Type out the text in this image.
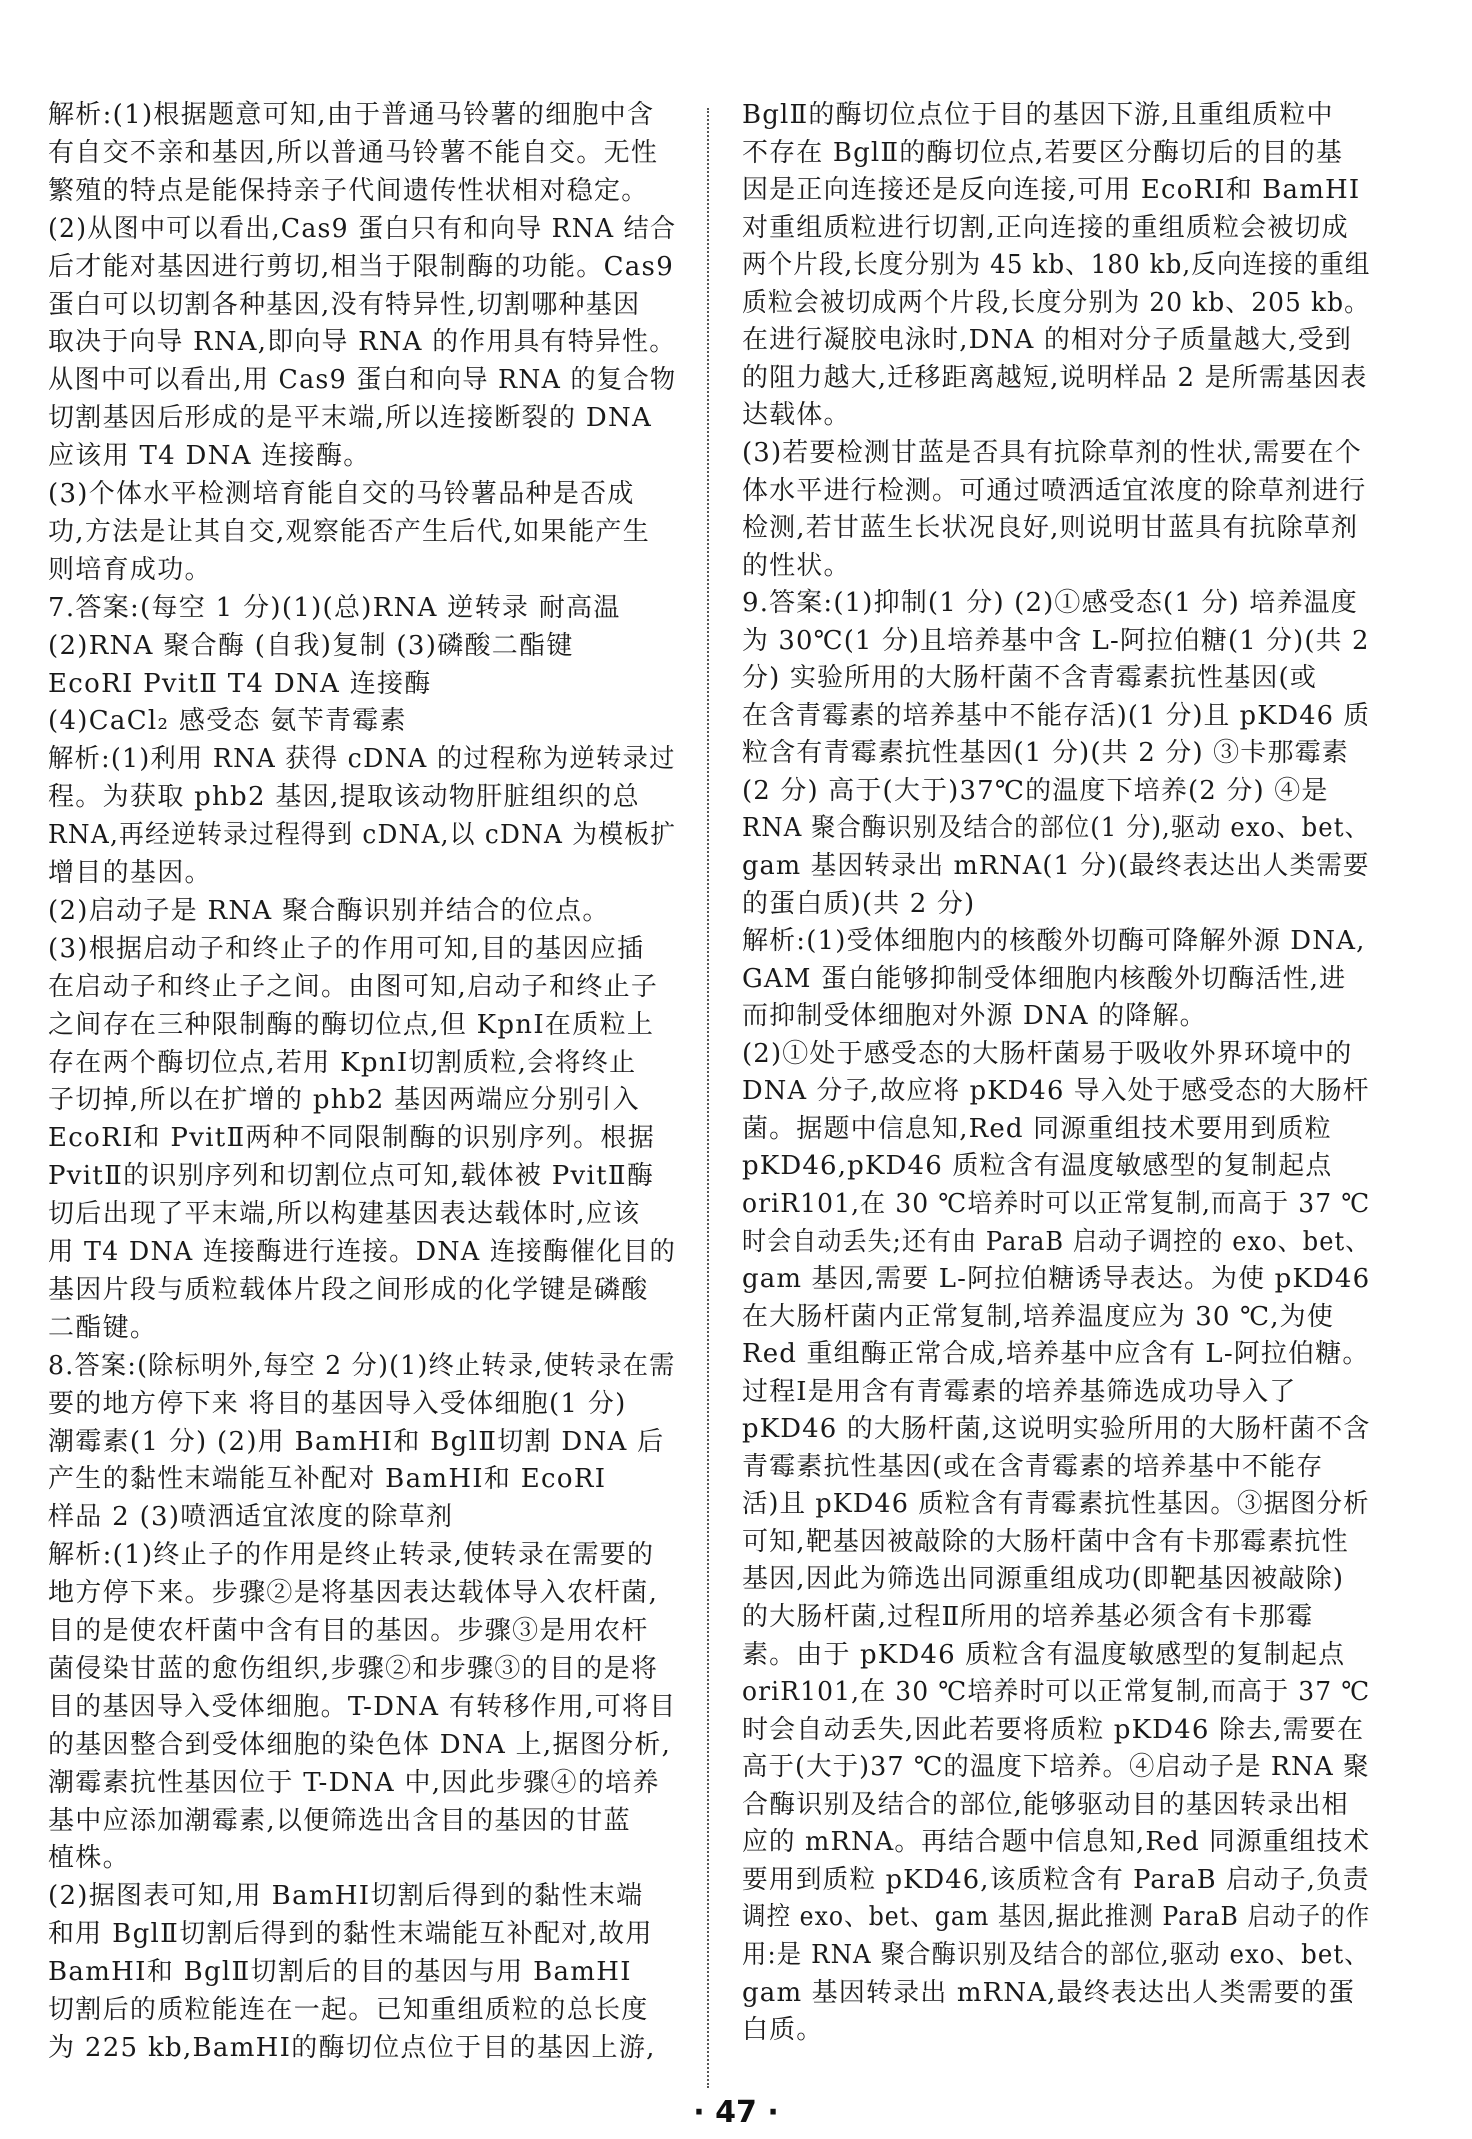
解析:(1)根据题意可知,由于普通马铃薯的细胞中含
有自交不亲和基因,所以普通马铃薯不能自交。无性
繁殖的特点是能保持亲子代间遗传性状相对稳定。
(2)从图中可以看出,Cas9 蛋白只有和向导 RNA 结合
后才能对基因进行剪切,相当于限制酶的功能。Cas9
蛋白可以切割各种基因,没有特异性,切割哪种基因
取决于向导 RNA,即向导 RNA 的作用具有特异性。
从图中可以看出,用 Cas9 蛋白和向导 RNA 的复合物
切割基因后形成的是平末端,所以连接断裂的 DNA
应该用 T4 DNA 连接酶。
(3)个体水平检测培育能自交的马铃薯品种是否成
功,方法是让其自交,观察能否产生后代,如果能产生
则培育成功。
7.答案:(每空 1 分)(1)(总)RNA 逆转录 耐高温
(2)RNA 聚合酶 (自我)复制 (3)磷酸二酯键
EcoRⅠ PvitⅡ T4 DNA 连接酶
(4)CaCl₂ 感受态 氨苄青霉素
解析:(1)利用 RNA 获得 cDNA 的过程称为逆转录过
程。为获取 phb2 基因,提取该动物肝脏组织的总
RNA,再经逆转录过程得到 cDNA,以 cDNA 为模板扩
增目的基因。
(2)启动子是 RNA 聚合酶识别并结合的位点。
(3)根据启动子和终止子的作用可知,目的基因应插
在启动子和终止子之间。由图可知,启动子和终止子
之间存在三种限制酶的酶切位点,但 KpnⅠ在质粒上
存在两个酶切位点,若用 KpnⅠ切割质粒,会将终止
子切掉,所以在扩增的 phb2 基因两端应分别引入
EcoRⅠ和 PvitⅡ两种不同限制酶的识别序列。根据
PvitⅡ的识别序列和切割位点可知,载体被 PvitⅡ酶
切后出现了平末端,所以构建基因表达载体时,应该
用 T4 DNA 连接酶进行连接。DNA 连接酶催化目的
基因片段与质粒载体片段之间形成的化学键是磷酸
二酯键。
8.答案:(除标明外,每空 2 分)(1)终止转录,使转录在需
要的地方停下来 将目的基因导入受体细胞(1 分)
潮霉素(1 分) (2)用 BamHⅠ和 BglⅡ切割 DNA 后
产生的黏性末端能互补配对 BamHⅠ和 EcoRⅠ
样品 2 (3)喷洒适宜浓度的除草剂
解析:(1)终止子的作用是终止转录,使转录在需要的
地方停下来。步骤②是将基因表达载体导入农杆菌,
目的是使农杆菌中含有目的基因。步骤③是用农杆
菌侵染甘蓝的愈伤组织,步骤②和步骤③的目的是将
目的基因导入受体细胞。T-DNA 有转移作用,可将目
的基因整合到受体细胞的染色体 DNA 上,据图分析,
潮霉素抗性基因位于 T-DNA 中,因此步骤④的培养
基中应添加潮霉素,以便筛选出含目的基因的甘蓝
植株。
(2)据图表可知,用 BamHⅠ切割后得到的黏性末端
和用 BglⅡ切割后得到的黏性末端能互补配对,故用
BamHⅠ和 BglⅡ切割后的目的基因与用 BamHⅠ
切割后的质粒能连在一起。已知重组质粒的总长度
为 225 kb,BamHⅠ的酶切位点位于目的基因上游,
BglⅡ的酶切位点位于目的基因下游,且重组质粒中
不存在 BglⅡ的酶切位点,若要区分酶切后的目的基
因是正向连接还是反向连接,可用 EcoRⅠ和 BamHⅠ
对重组质粒进行切割,正向连接的重组质粒会被切成
两个片段,长度分别为 45 kb、180 kb,反向连接的重组
质粒会被切成两个片段,长度分别为 20 kb、205 kb。
在进行凝胶电泳时,DNA 的相对分子质量越大,受到
的阻力越大,迁移距离越短,说明样品 2 是所需基因表
达载体。
(3)若要检测甘蓝是否具有抗除草剂的性状,需要在个
体水平进行检测。可通过喷洒适宜浓度的除草剂进行
检测,若甘蓝生长状况良好,则说明甘蓝具有抗除草剂
的性状。
9.答案:(1)抑制(1 分) (2)①感受态(1 分) 培养温度
为 30℃(1 分)且培养基中含 L-阿拉伯糖(1 分)(共 2
分) 实验所用的大肠杆菌不含青霉素抗性基因(或
在含青霉素的培养基中不能存活)(1 分)且 pKD46 质
粒含有青霉素抗性基因(1 分)(共 2 分) ③卡那霉素
(2 分) 高于(大于)37℃的温度下培养(2 分) ④是
RNA 聚合酶识别及结合的部位(1 分),驱动 exo、bet、
gam 基因转录出 mRNA(1 分)(最终表达出人类需要
的蛋白质)(共 2 分)
解析:(1)受体细胞内的核酸外切酶可降解外源 DNA,
GAM 蛋白能够抑制受体细胞内核酸外切酶活性,进
而抑制受体细胞对外源 DNA 的降解。
(2)①处于感受态的大肠杆菌易于吸收外界环境中的
DNA 分子,故应将 pKD46 导入处于感受态的大肠杆
菌。据题中信息知,Red 同源重组技术要用到质粒
pKD46,pKD46 质粒含有温度敏感型的复制起点
oriR101,在 30 ℃培养时可以正常复制,而高于 37 ℃
时会自动丢失;还有由 ParaB 启动子调控的 exo、bet、
gam 基因,需要 L-阿拉伯糖诱导表达。为使 pKD46
在大肠杆菌内正常复制,培养温度应为 30 ℃,为使
Red 重组酶正常合成,培养基中应含有 L-阿拉伯糖。
过程Ⅰ是用含有青霉素的培养基筛选成功导入了
pKD46 的大肠杆菌,这说明实验所用的大肠杆菌不含
青霉素抗性基因(或在含青霉素的培养基中不能存
活)且 pKD46 质粒含有青霉素抗性基因。③据图分析
可知,靶基因被敲除的大肠杆菌中含有卡那霉素抗性
基因,因此为筛选出同源重组成功(即靶基因被敲除)
的大肠杆菌,过程Ⅱ所用的培养基必须含有卡那霉
素。由于 pKD46 质粒含有温度敏感型的复制起点
oriR101,在 30 ℃培养时可以正常复制,而高于 37 ℃
时会自动丢失,因此若要将质粒 pKD46 除去,需要在
高于(大于)37 ℃的温度下培养。④启动子是 RNA 聚
合酶识别及结合的部位,能够驱动目的基因转录出相
应的 mRNA。再结合题中信息知,Red 同源重组技术
要用到质粒 pKD46,该质粒含有 ParaB 启动子,负责
调控 exo、bet、gam 基因,据此推测 ParaB 启动子的作
用:是 RNA 聚合酶识别及结合的部位,驱动 exo、bet、
gam 基因转录出 mRNA,最终表达出人类需要的蛋
白质。
· 47 ·
